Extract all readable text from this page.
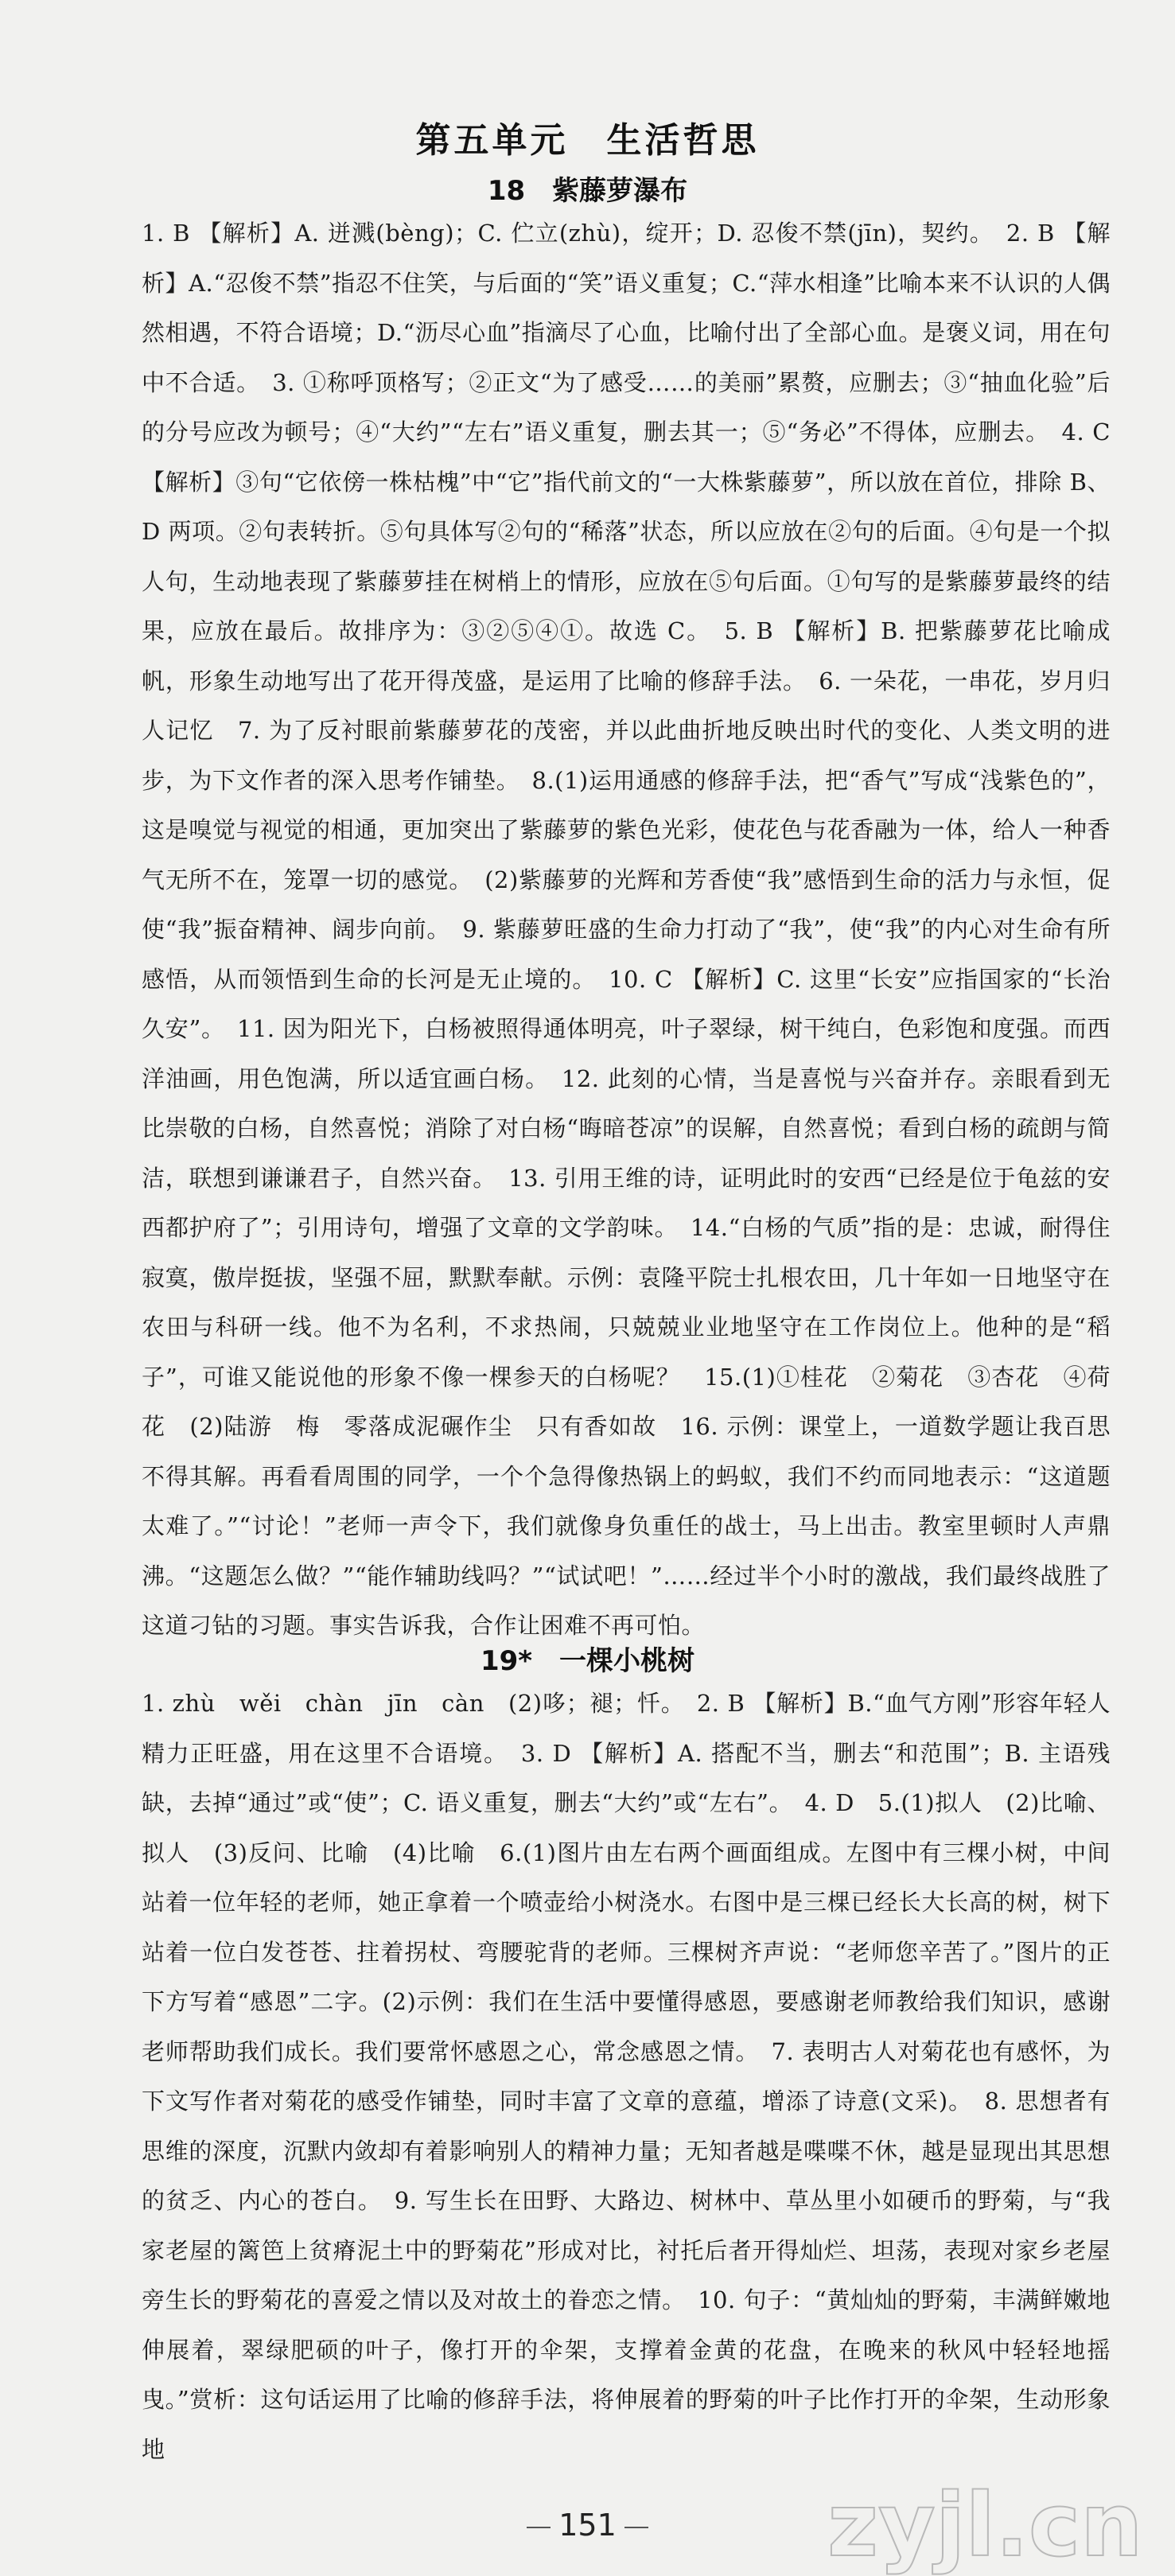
第五单元　生活哲思
18　紫藤萝瀑布
1. B 【解析】A. 迸溅(bèng)；C. 伫立(zhù)，绽开；D. 忍俊不禁(jīn)，契约。　2. B 【解析】A.“忍俊不禁”指忍不住笑，与后面的“笑”语义重复；C.“萍水相逢”比喻本来不认识的人偶然相遇，不符合语境；D.“沥尽心血”指滴尽了心血，比喻付出了全部心血。是褒义词，用在句中不合适。　3. ①称呼顶格写；②正文“为了感受……的美丽”累赘，应删去；③“抽血化验”后的分号应改为顿号；④“大约”“左右”语义重复，删去其一；⑤“务必”不得体，应删去。　4. C 【解析】③句“它依傍一株枯槐”中“它”指代前文的“一大株紫藤萝”，所以放在首位，排除 B、D 两项。②句表转折。⑤句具体写②句的“稀落”状态，所以应放在②句的后面。④句是一个拟人句，生动地表现了紫藤萝挂在树梢上的情形，应放在⑤句后面。①句写的是紫藤萝最终的结果，应放在最后。故排序为：③②⑤④①。故选 C。　5. B 【解析】B. 把紫藤萝花比喻成帆，形象生动地写出了花开得茂盛，是运用了比喻的修辞手法。　6. 一朵花，一串花，岁月归人记忆　7. 为了反衬眼前紫藤萝花的茂密，并以此曲折地反映出时代的变化、人类文明的进步，为下文作者的深入思考作铺垫。　8.(1)运用通感的修辞手法，把“香气”写成“浅紫色的”，这是嗅觉与视觉的相通，更加突出了紫藤萝的紫色光彩，使花色与花香融为一体，给人一种香气无所不在，笼罩一切的感觉。　(2)紫藤萝的光辉和芳香使“我”感悟到生命的活力与永恒，促使“我”振奋精神、阔步向前。　9. 紫藤萝旺盛的生命力打动了“我”，使“我”的内心对生命有所感悟，从而领悟到生命的长河是无止境的。　10. C 【解析】C. 这里“长安”应指国家的“长治久安”。　11. 因为阳光下，白杨被照得通体明亮，叶子翠绿，树干纯白，色彩饱和度强。而西洋油画，用色饱满，所以适宜画白杨。　12. 此刻的心情，当是喜悦与兴奋并存。亲眼看到无比崇敬的白杨，自然喜悦；消除了对白杨“晦暗苍凉”的误解，自然喜悦；看到白杨的疏朗与简洁，联想到谦谦君子，自然兴奋。　13. 引用王维的诗，证明此时的安西“已经是位于龟兹的安西都护府了”；引用诗句，增强了文章的文学韵味。　14.“白杨的气质”指的是：忠诚，耐得住寂寞，傲岸挺拔，坚强不屈，默默奉献。示例：袁隆平院士扎根农田，几十年如一日地坚守在农田与科研一线。他不为名利，不求热闹，只兢兢业业地坚守在工作岗位上。他种的是“稻子”，可谁又能说他的形象不像一棵参天的白杨呢？　15.(1)①桂花　②菊花　③杏花　④荷花　(2)陆游　梅　零落成泥碾作尘　只有香如故　16. 示例：课堂上，一道数学题让我百思不得其解。再看看周围的同学，一个个急得像热锅上的蚂蚁，我们不约而同地表示：“这道题太难了。”“讨论！”老师一声令下，我们就像身负重任的战士，马上出击。教室里顿时人声鼎沸。“这题怎么做？”“能作辅助线吗？”“试试吧！”……经过半个小时的激战，我们最终战胜了这道刁钻的习题。事实告诉我，合作让困难不再可怕。
19*　一棵小桃树
1. zhù　wěi　chàn　jīn　càn　(2)哆；褪；忏。　2. B 【解析】B.“血气方刚”形容年轻人精力正旺盛，用在这里不合语境。　3. D 【解析】A. 搭配不当，删去“和范围”；B. 主语残缺，去掉“通过”或“使”；C. 语义重复，删去“大约”或“左右”。　4. D　5.(1)拟人　(2)比喻、拟人　(3)反问、比喻　(4)比喻　6.(1)图片由左右两个画面组成。左图中有三棵小树，中间站着一位年轻的老师，她正拿着一个喷壶给小树浇水。右图中是三棵已经长大长高的树，树下站着一位白发苍苍、拄着拐杖、弯腰驼背的老师。三棵树齐声说：“老师您辛苦了。”图片的正下方写着“感恩”二字。(2)示例：我们在生活中要懂得感恩，要感谢老师教给我们知识，感谢老师帮助我们成长。我们要常怀感恩之心，常念感恩之情。　7. 表明古人对菊花也有感怀，为下文写作者对菊花的感受作铺垫，同时丰富了文章的意蕴，增添了诗意(文采)。　8. 思想者有思维的深度，沉默内敛却有着影响别人的精神力量；无知者越是喋喋不休，越是显现出其思想的贫乏、内心的苍白。　9. 写生长在田野、大路边、树林中、草丛里小如硬币的野菊，与“我家老屋的篱笆上贫瘠泥土中的野菊花”形成对比，衬托后者开得灿烂、坦荡，表现对家乡老屋旁生长的野菊花的喜爱之情以及对故土的眷恋之情。　10. 句子：“黄灿灿的野菊，丰满鲜嫩地伸展着，翠绿肥硕的叶子，像打开的伞架，支撑着金黄的花盘，在晚来的秋风中轻轻地摇曳。”赏析：这句话运用了比喻的修辞手法，将伸展着的野菊的叶子比作打开的伞架，生动形象地
151	zyjl.cn
